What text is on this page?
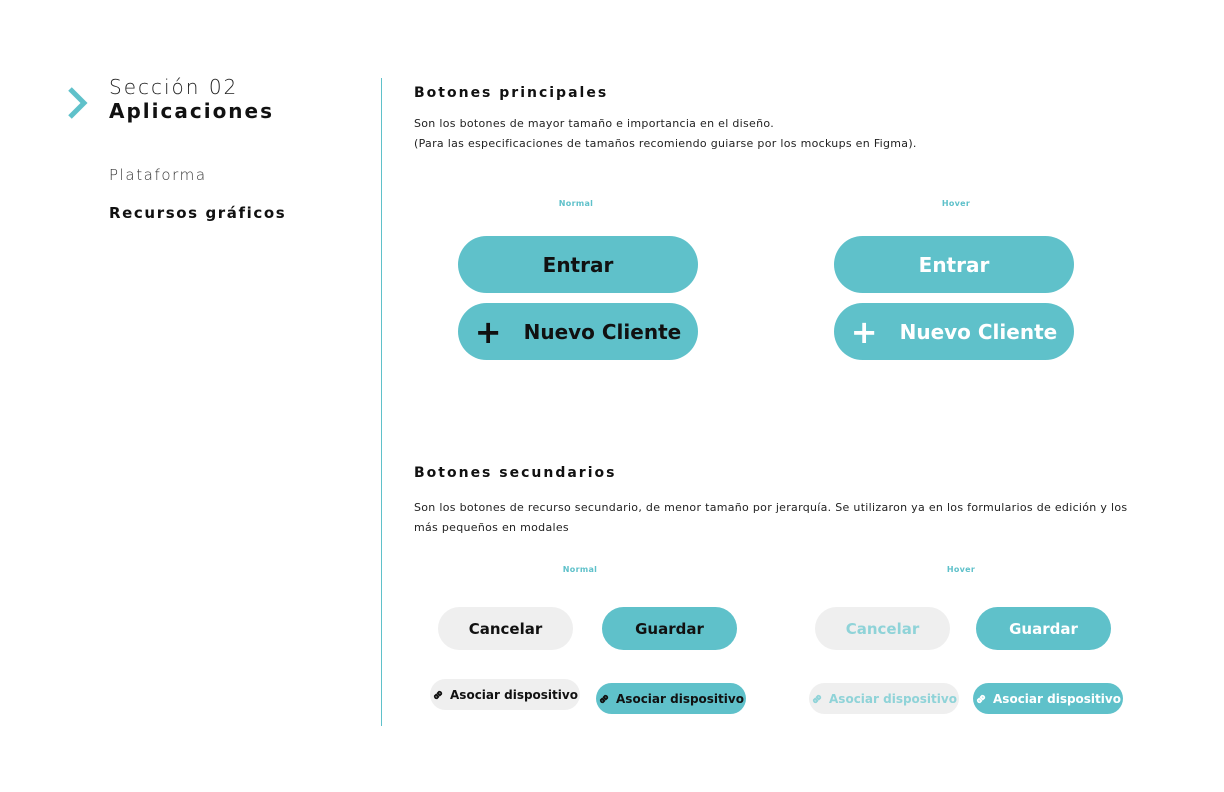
Sección 02
Aplicaciones
Plataforma
Recursos gráficos
Botones principales
Son los botones de mayor tamaño e importancia en el diseño.
(Para las especificaciones de tamaños recomiendo guiarse por los mockups en Figma).
Normal	Hover
Entrar
+ Nuevo Cliente
Entrar
+ Nuevo Cliente
Botones secundarios
Son los botones de recurso secundario, de menor tamaño por jerarquía. Se utilizaron ya en los formularios de edición y los más pequeños en modales
Normal	Hover
Cancelar	Guardar
Asociar dispositivo	Asociar dispositivo
Cancelar	Guardar
Asociar dispositivo	Asociar dispositivo
